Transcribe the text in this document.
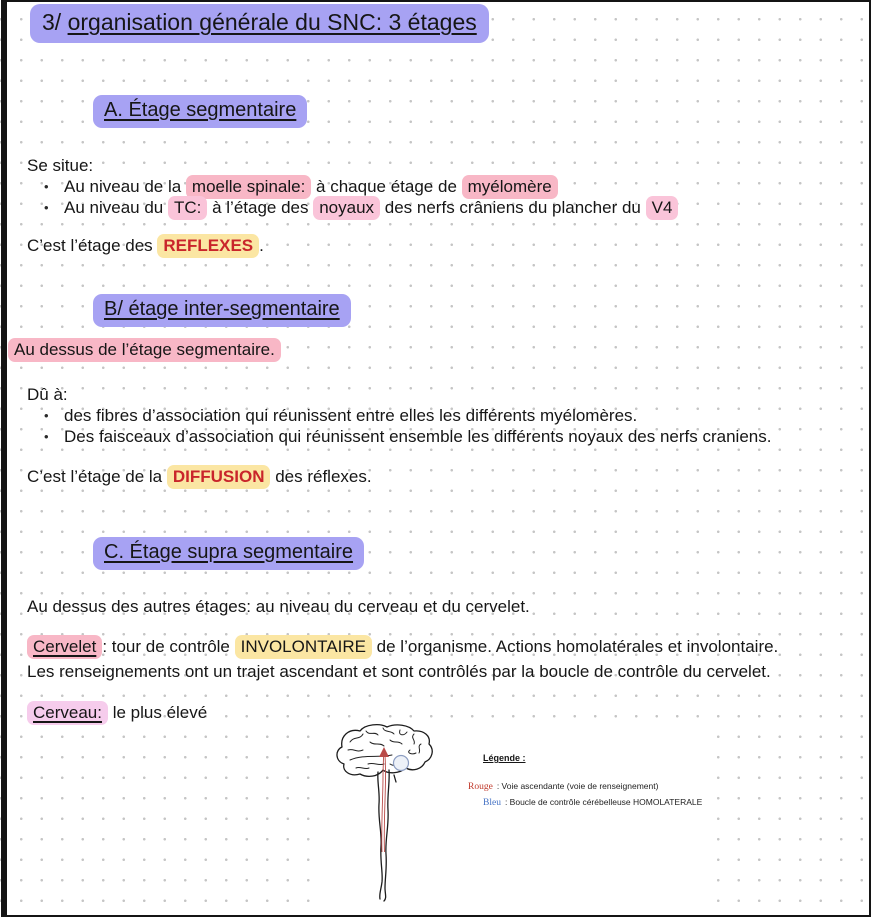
3/ organisation générale du SNC: 3 étages
A. Étage segmentaire
Se situe:
• Au niveau de la moelle spinale: à chaque étage de myélomère
• Au niveau du TC: à l’étage des noyaux des nerfs crâniens du plancher du V4
C’est l’étage des REFLEXES .
B/ étage inter-segmentaire
Au dessus de l’étage segmentaire.
Dû à:
• des fibres d’association qui réunissent entre elles les différents myélomères.
• Des faisceaux d’association qui réunissent ensemble les différents noyaux des nerfs craniens.
C’est l’étage de la DIFFUSION des réflexes.
C. Étage supra segmentaire
Au dessus des autres étages: au niveau du cerveau et du cervelet.
Cervelet : tour de contrôle INVOLONTAIRE de l’organisme. Actions homolatérales et involontaire.
Les renseignements ont un trajet ascendant et sont contrôlés par la boucle de contrôle du cervelet.
Cerveau: le plus élevé
Légende :
Rouge : Voie ascendante (voie de renseignement)
Bleu : Boucle de contrôle cérébelleuse HOMOLATERALE
